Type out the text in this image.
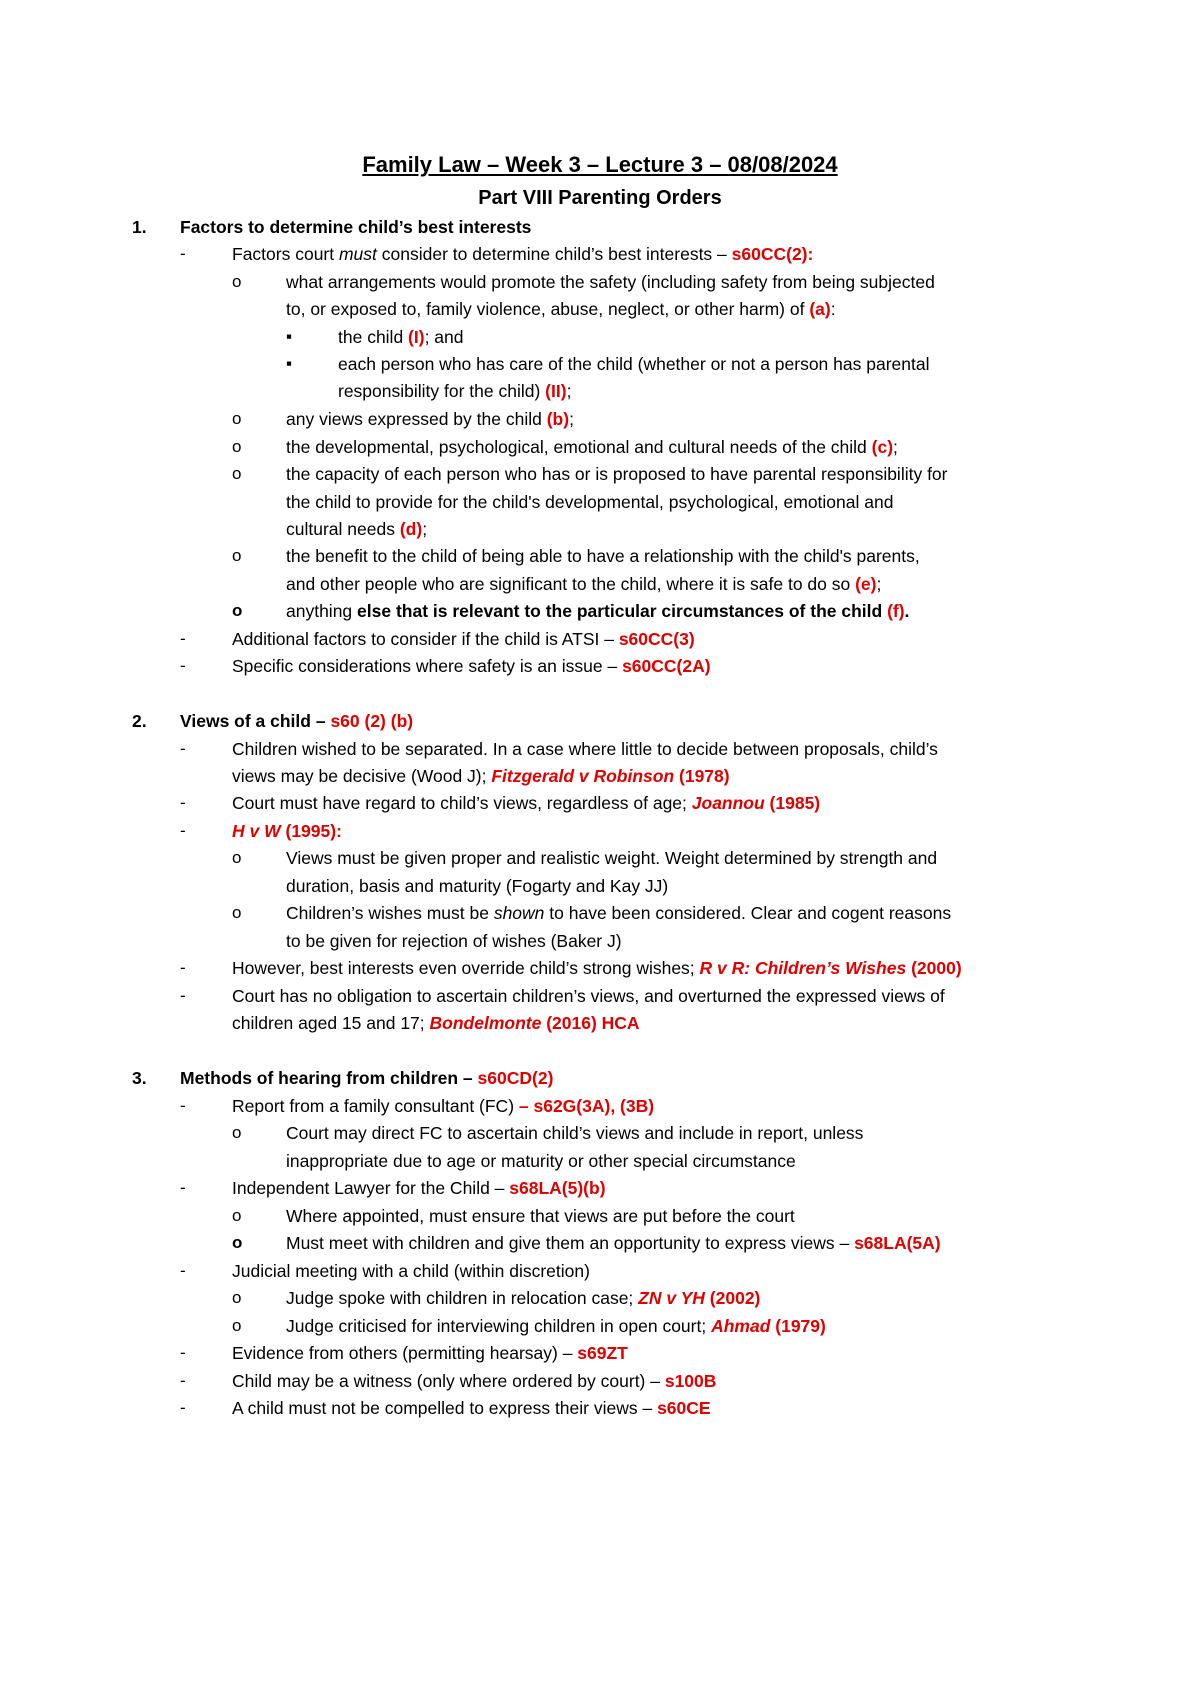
Family Law – Week 3 – Lecture 3 – 08/08/2024
Part VIII Parenting Orders
1. Factors to determine child’s best interests
-	Factors court must consider to determine child’s best interests – s60CC(2):
o	what arrangements would promote the safety (including safety from being subjected
to, or exposed to, family violence, abuse, neglect, or other harm) of (a):
▪	the child (I); and
▪	each person who has care of the child (whether or not a person has parental
responsibility for the child) (II);
o	any views expressed by the child (b);
o	the developmental, psychological, emotional and cultural needs of the child (c);
o	the capacity of each person who has or is proposed to have parental responsibility for
the child to provide for the child's developmental, psychological, emotional and
cultural needs (d);
o	the benefit to the child of being able to have a relationship with the child's parents,
and other people who are significant to the child, where it is safe to do so (e);
o anything else that is relevant to the particular circumstances of the child (f).
-	Additional factors to consider if the child is ATSI – s60CC(3)
-	Specific considerations where safety is an issue – s60CC(2A)
2. Views of a child – s60 (2) (b)
-	Children wished to be separated. In a case where little to decide between proposals, child’s
views may be decisive (Wood J); Fitzgerald v Robinson (1978)
-	Court must have regard to child’s views, regardless of age; Joannou (1985)
-	H v W (1995):
o	Views must be given proper and realistic weight. Weight determined by strength and
duration, basis and maturity (Fogarty and Kay JJ)
o	Children’s wishes must be shown to have been considered. Clear and cogent reasons
to be given for rejection of wishes (Baker J)
-	However, best interests even override child’s strong wishes; R v R: Children’s Wishes (2000)
-	Court has no obligation to ascertain children’s views, and overturned the expressed views of
children aged 15 and 17; Bondelmonte (2016) HCA
3. Methods of hearing from children – s60CD(2)
-	Report from a family consultant (FC) – s62G(3A), (3B)
o	Court may direct FC to ascertain child’s views and include in report, unless
inappropriate due to age or maturity or other special circumstance
-	Independent Lawyer for the Child – s68LA(5)(b)
o	Where appointed, must ensure that views are put before the court
o Must meet with children and give them an opportunity to express views – s68LA(5A)
-	Judicial meeting with a child (within discretion)
o	Judge spoke with children in relocation case; ZN v YH (2002)
o	Judge criticised for interviewing children in open court; Ahmad (1979)
-	Evidence from others (permitting hearsay) – s69ZT
-	Child may be a witness (only where ordered by court) – s100B
-	A child must not be compelled to express their views – s60CE
